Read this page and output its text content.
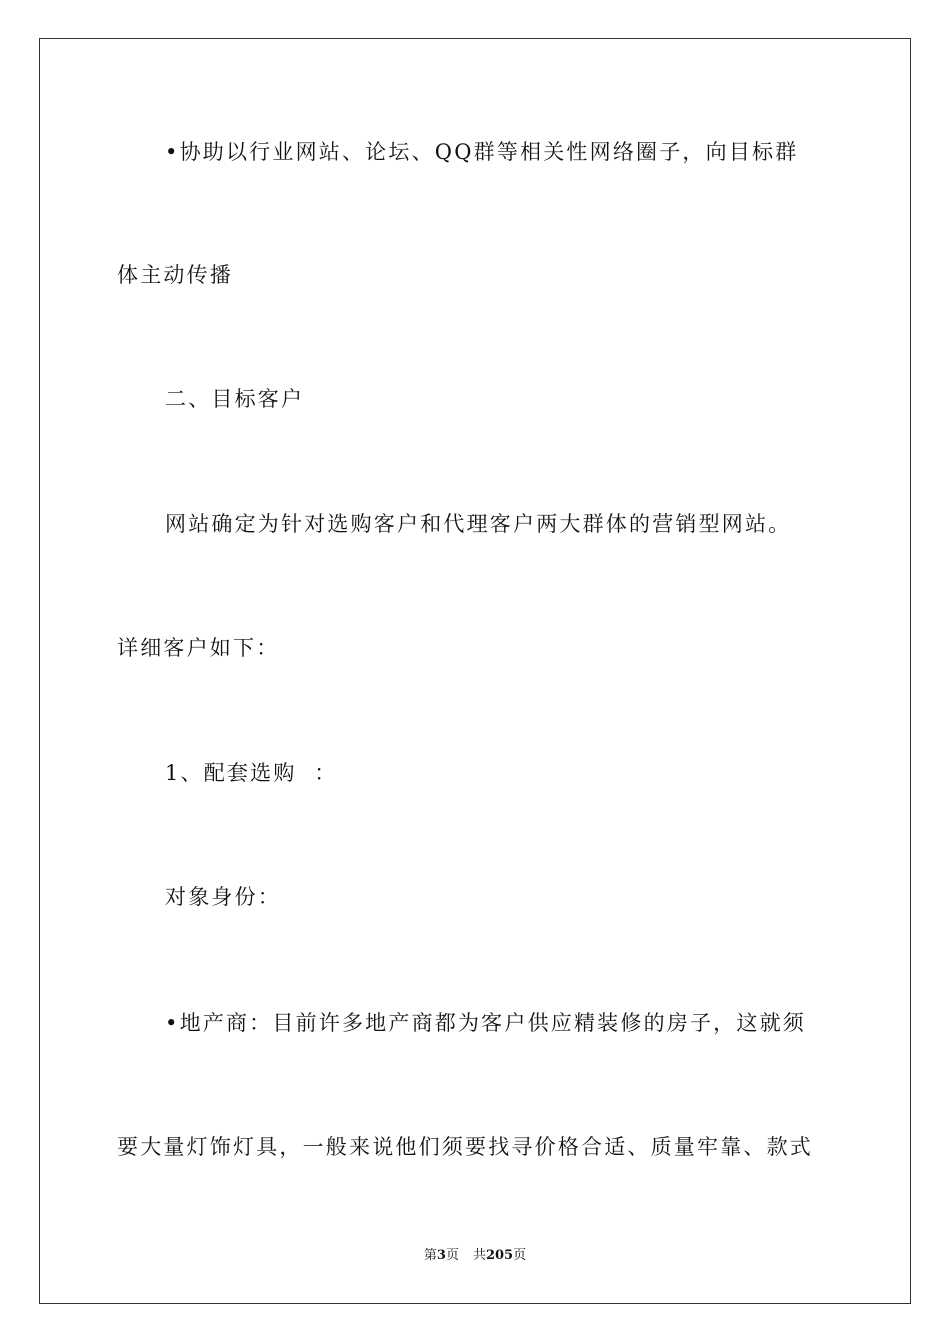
•协助以行业网站、论坛、QQ群等相关性网络圈子，向目标群
体主动传播
二、目标客户
网站确定为针对选购客户和代理客户两大群体的营销型网站。
详细客户如下：
1、配套选购  ：
对象身份：
•地产商：目前许多地产商都为客户供应精装修的房子，这就须
要大量灯饰灯具，一般来说他们须要找寻价格合适、质量牢靠、款式
第3页 共205页
